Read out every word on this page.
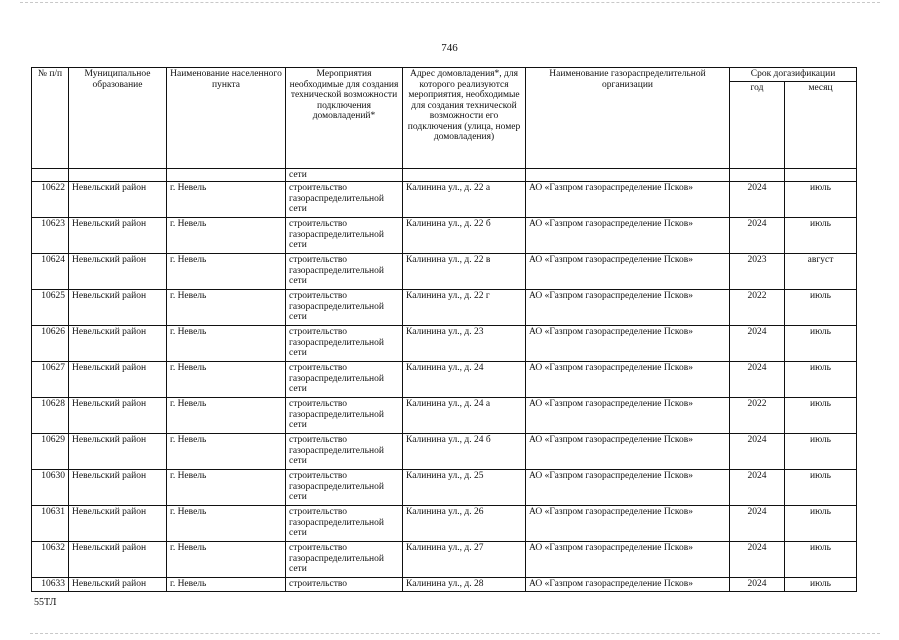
746
№ п/п	Муниципальное образование	Наименование населенного пункта	Мероприятия необходимые для создания технической возможности подключения домовладений*	Адрес домовладения*, для которого реализуются мероприятия, необходимые для создания технической возможности его подключения (улица, номер домовладения)	Наименование газораспределительной организации	Срок догазификации	
						год	месяц
			сети				
10622	Невельский район	г. Невель	строительство газораспределительной сети	Калинина ул., д. 22 а	АО «Газпром газораспределение Псков»	2024	июль
10623	Невельский район	г. Невель	строительство газораспределительной сети	Калинина ул., д. 22 б	АО «Газпром газораспределение Псков»	2024	июль
10624	Невельский район	г. Невель	строительство газораспределительной сети	Калинина ул., д. 22 в	АО «Газпром газораспределение Псков»	2023	август
10625	Невельский район	г. Невель	строительство газораспределительной сети	Калинина ул., д. 22 г	АО «Газпром газораспределение Псков»	2022	июль
10626	Невельский район	г. Невель	строительство газораспределительной сети	Калинина ул., д. 23	АО «Газпром газораспределение Псков»	2024	июль
10627	Невельский район	г. Невель	строительство газораспределительной сети	Калинина ул., д. 24	АО «Газпром газораспределение Псков»	2024	июль
10628	Невельский район	г. Невель	строительство газораспределительной сети	Калинина ул., д. 24 а	АО «Газпром газораспределение Псков»	2022	июль
10629	Невельский район	г. Невель	строительство газораспределительной сети	Калинина ул., д. 24 б	АО «Газпром газораспределение Псков»	2024	июль
10630	Невельский район	г. Невель	строительство газораспределительной сети	Калинина ул., д. 25	АО «Газпром газораспределение Псков»	2024	июль
10631	Невельский район	г. Невель	строительство газораспределительной сети	Калинина ул., д. 26	АО «Газпром газораспределение Псков»	2024	июль
10632	Невельский район	г. Невель	строительство газораспределительной сети	Калинина ул., д. 27	АО «Газпром газораспределение Псков»	2024	июль
10633	Невельский район	г. Невель	строительство	Калинина ул., д. 28	АО «Газпром газораспределение Псков»	2024	июль
55ТЛ
